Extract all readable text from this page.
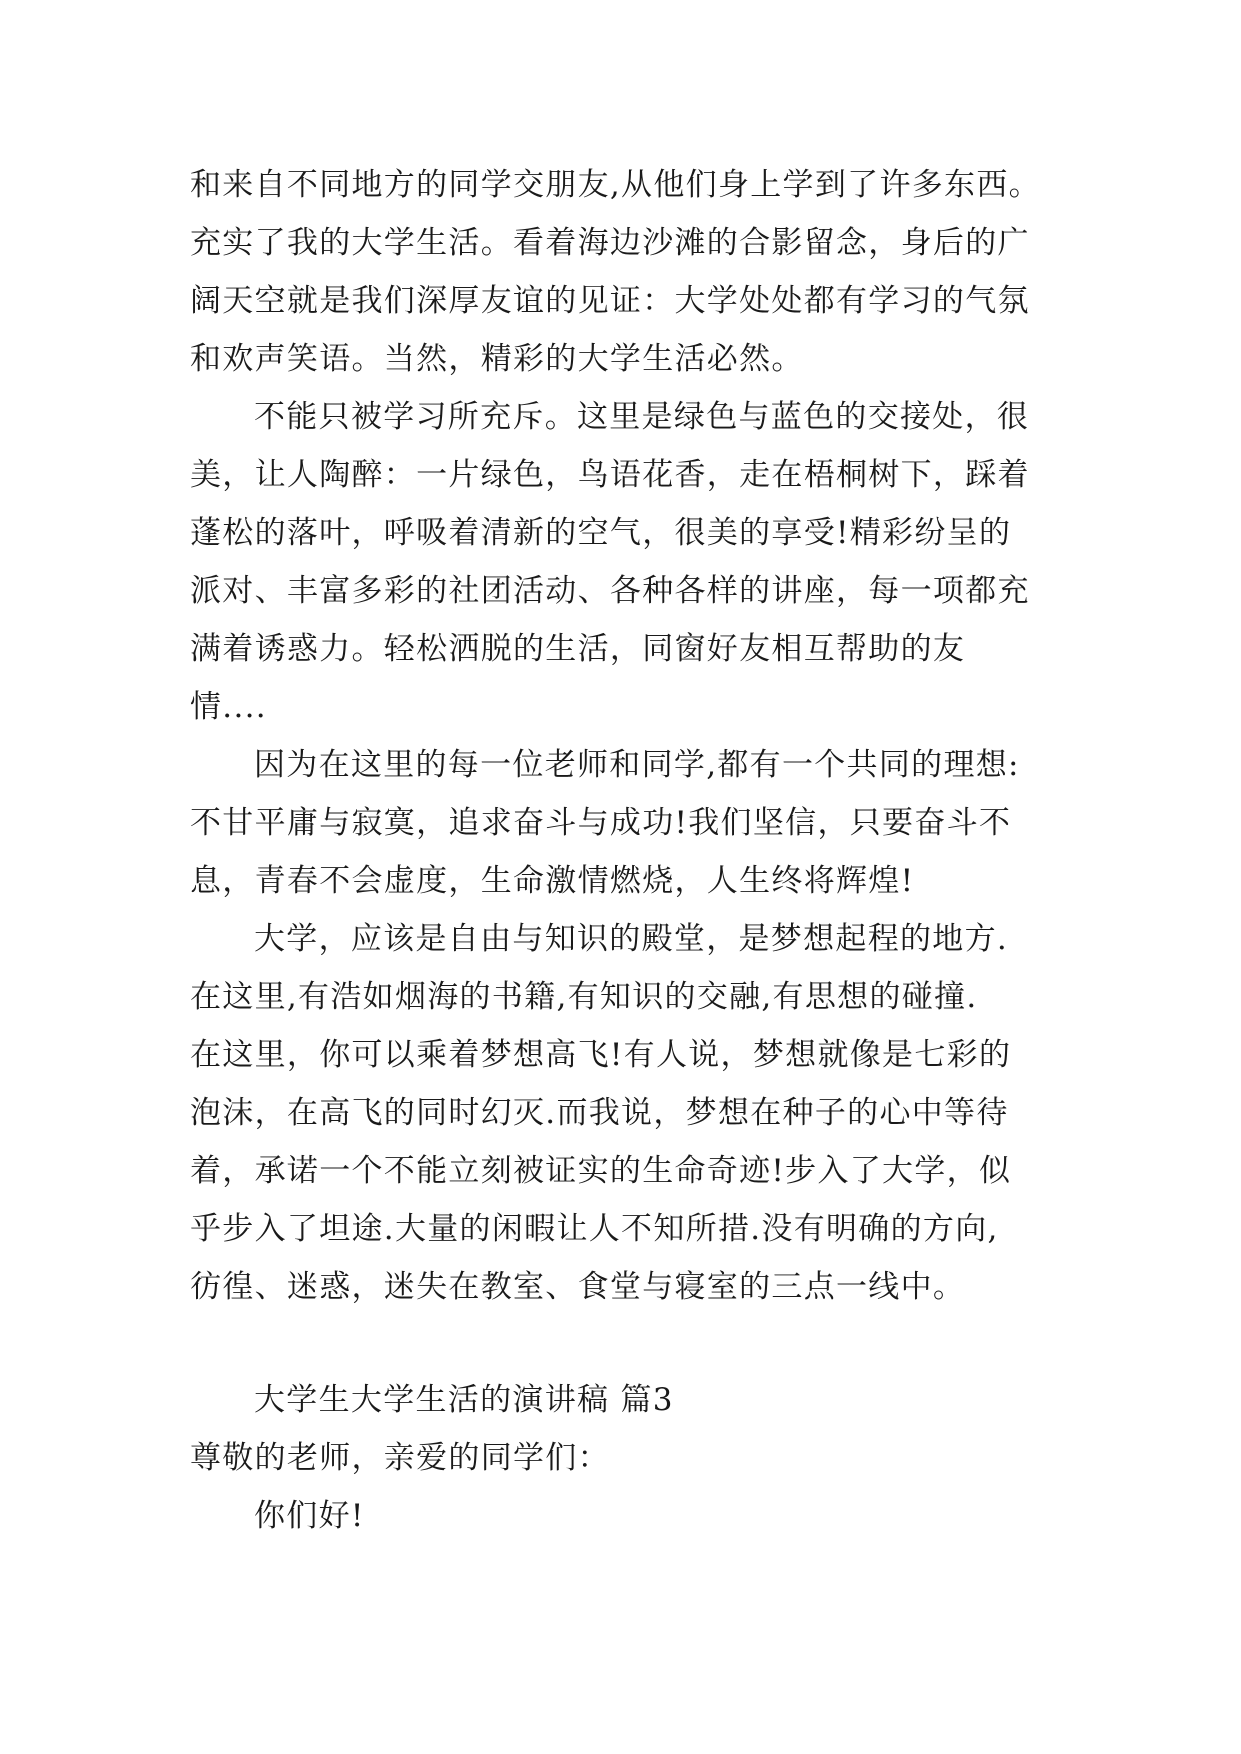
和来自不同地方的同学交朋友,从他们身上学到了许多东西。
充实了我的大学生活。看着海边沙滩的合影留念，身后的广
阔天空就是我们深厚友谊的见证：大学处处都有学习的气氛
和欢声笑语。当然，精彩的大学生活必然。
不能只被学习所充斥。这里是绿色与蓝色的交接处，很
美，让人陶醉：一片绿色，鸟语花香，走在梧桐树下，踩着
蓬松的落叶，呼吸着清新的空气，很美的享受!精彩纷呈的
派对、丰富多彩的社团活动、各种各样的讲座，每一项都充
满着诱惑力。轻松洒脱的生活，同窗好友相互帮助的友
情....
因为在这里的每一位老师和同学,都有一个共同的理想:
不甘平庸与寂寞，追求奋斗与成功!我们坚信，只要奋斗不
息，青春不会虚度，生命激情燃烧，人生终将辉煌!
大学，应该是自由与知识的殿堂，是梦想起程的地方.
在这里,有浩如烟海的书籍,有知识的交融,有思想的碰撞.
在这里，你可以乘着梦想高飞!有人说，梦想就像是七彩的
泡沫，在高飞的同时幻灭.而我说，梦想在种子的心中等待
着，承诺一个不能立刻被证实的生命奇迹!步入了大学，似
乎步入了坦途.大量的闲暇让人不知所措.没有明确的方向,
彷徨、迷惑，迷失在教室、食堂与寝室的三点一线中。
大学生大学生活的演讲稿 篇3
尊敬的老师，亲爱的同学们：
你们好!
